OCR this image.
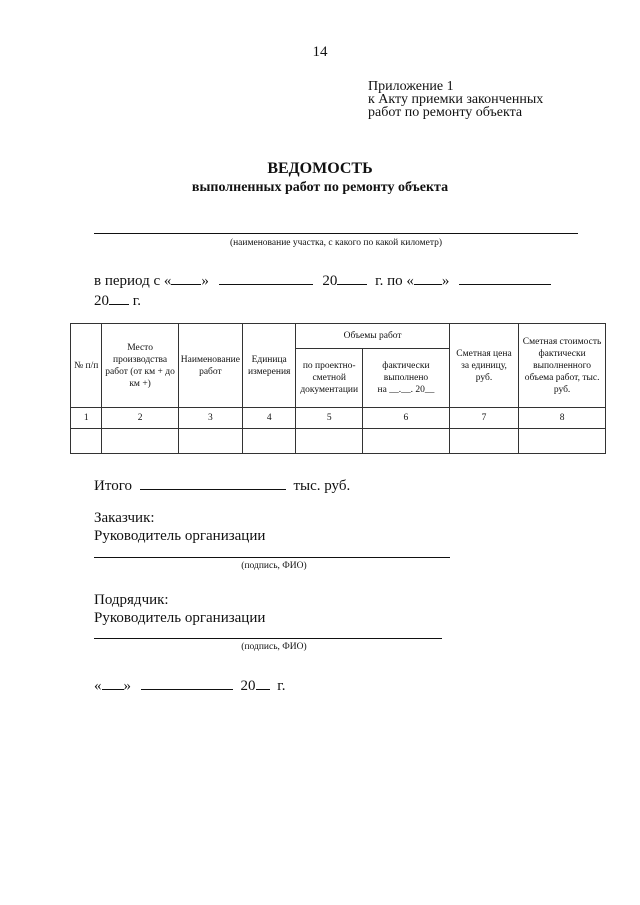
14
Приложение 1
к Акту приемки законченных
работ по ремонту объекта
ВЕДОМОСТЬ
выполненных работ по ремонту объекта
(наименование участка, с какого по какой километр)
в период с « »	20	г. по « »
20 г.
№ п/п	Место производства работ (от км + до км +)	Наименование работ	Единица измерения	Объемы работ		Сметная цена за единицу, руб.	Сметная стоимость фактически выполненного объема работ, тыс. руб.
				по проектно-сметной документации	фактически выполнено
на __.__. 20__		

1	2	3	4	5	6	7	8

Итого	тыс. руб.
Заказчик:
Руководитель организации
(подпись, ФИО)
Подрядчик:
Руководитель организации
(подпись, ФИО)
« »	20 г.
